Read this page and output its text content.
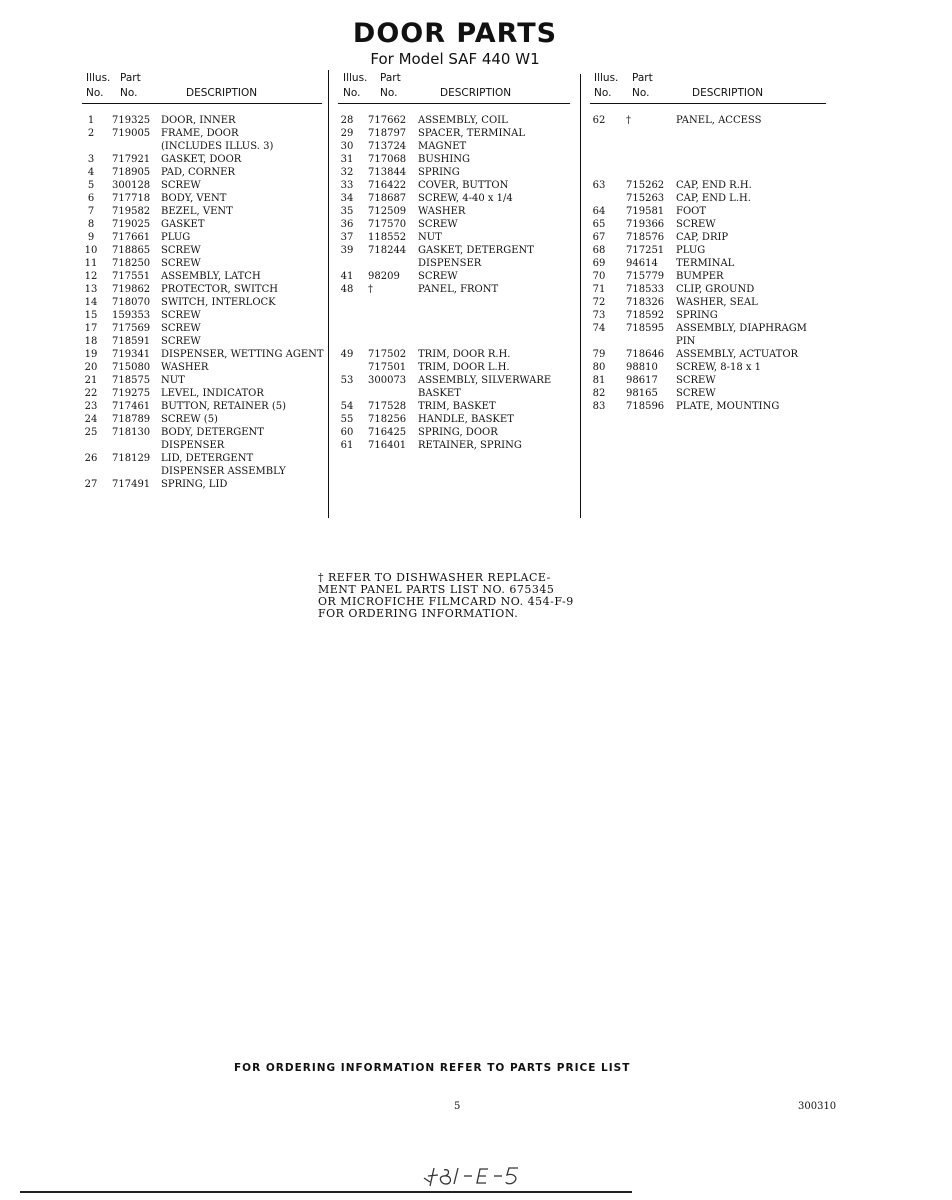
DOOR PARTS
For Model SAF 440 W1
Illus. Part
No. No.	DESCRIPTION
1	719325 DOOR, INNER
2	719005 FRAME, DOOR
(INCLUDES ILLUS. 3)
3	717921 GASKET, DOOR
4	718905 PAD, CORNER
5	300128 SCREW
6	717718 BODY, VENT
7	719582 BEZEL, VENT
8	719025 GASKET
9	717661 PLUG
10	718865 SCREW
11	718250 SCREW
12	717551 ASSEMBLY, LATCH
13	719862 PROTECTOR, SWITCH
14	718070 SWITCH, INTERLOCK
15	159353 SCREW
17	717569 SCREW
18	718591 SCREW
19	719341 DISPENSER, WETTING AGENT
20	715080 WASHER
21	718575 NUT
22	719275 LEVEL, INDICATOR
23	717461 BUTTON, RETAINER (5)
24	718789 SCREW (5)
25	718130 BODY, DETERGENT
DISPENSER
26	718129 LID, DETERGENT
DISPENSER ASSEMBLY
27	717491 SPRING, LID
Illus. Part
No. No.	DESCRIPTION
28	717662 ASSEMBLY, COIL
29	718797 SPACER, TERMINAL
30	713724 MAGNET
31	717068 BUSHING
32	713844 SPRING
33	716422 COVER, BUTTON
34	718687 SCREW, 4-40 x 1/4
35	712509 WASHER
36	717570 SCREW
37	118552 NUT
39	718244 GASKET, DETERGENT
DISPENSER
41	98209 SCREW
48	†	PANEL, FRONT
49	717502 TRIM, DOOR R.H.
717501 TRIM, DOOR L.H.
53	300073 ASSEMBLY, SILVERWARE
BASKET
54	717528 TRIM, BASKET
55	718256 HANDLE, BASKET
60	716425 SPRING, DOOR
61	716401 RETAINER, SPRING
Illus. Part
No. No.	DESCRIPTION
62	†	PANEL, ACCESS
63	715262 CAP, END R.H.
715263 CAP, END L.H.
64	719581 FOOT
65	719366 SCREW
67	718576 CAP, DRIP
68	717251 PLUG
69	94614 TERMINAL
70	715779 BUMPER
71	718533 CLIP, GROUND
72	718326 WASHER, SEAL
73	718592 SPRING
74	718595 ASSEMBLY, DIAPHRAGM
PIN
79	718646 ASSEMBLY, ACTUATOR
80	98810 SCREW, 8-18 x 1
81	98617 SCREW
82	98165 SCREW
83	718596 PLATE, MOUNTING
† REFER TO DISHWASHER REPLACE-
MENT PANEL PARTS LIST NO. 675345
OR MICROFICHE FILMCARD NO. 454-F-9
FOR ORDERING INFORMATION.
FOR ORDERING INFORMATION REFER TO PARTS PRICE LIST
5	300310
